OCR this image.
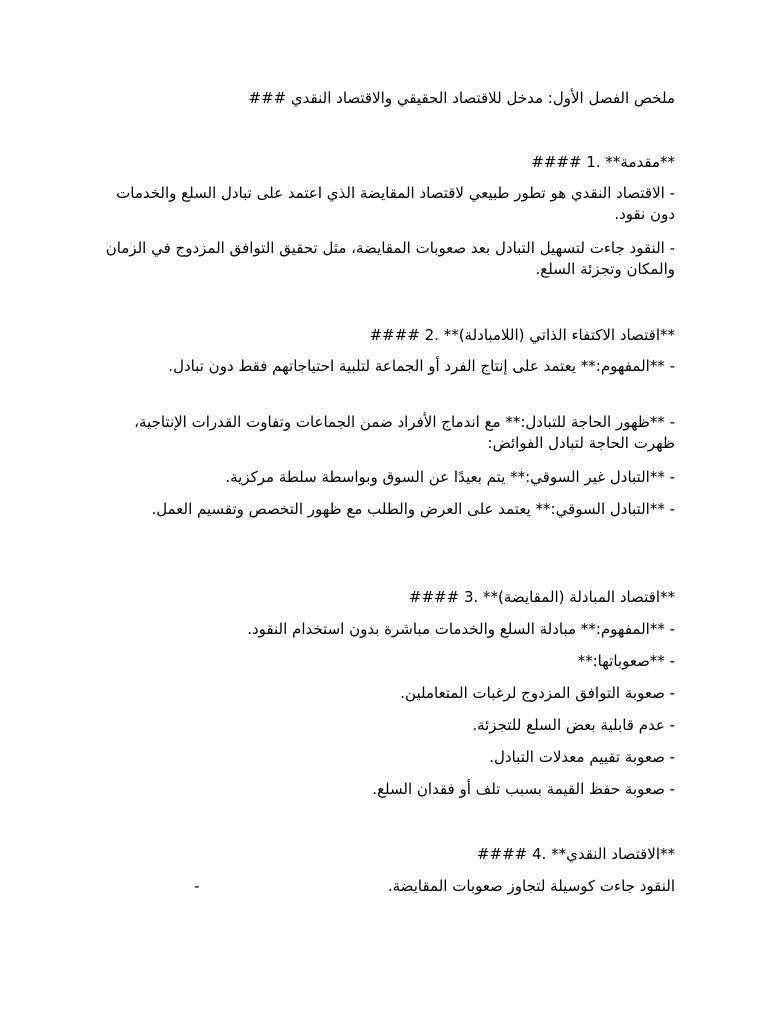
ملخص الفصل الأول: مدخل للاقتصاد الحقيقي والاقتصاد النقدي ###
**مقدمة** .1 ####
- الاقتصاد النقدي هو تطور طبيعي لاقتصاد المقايضة الذي اعتمد على تبادل السلع والخدمات دون نقود.
- النقود جاءت لتسهيل التبادل بعد صعوبات المقايضة، مثل تحقيق التوافق المزدوج في الزمان والمكان وتجزئة السلع.
**اقتصاد الاكتفاء الذاتي (اللامبادلة)** .2 ####
- **المفهوم:** يعتمد على إنتاج الفرد أو الجماعة لتلبية احتياجاتهم فقط دون تبادل.
- **ظهور الحاجة للتبادل:** مع اندماج الأفراد ضمن الجماعات وتفاوت القدرات الإنتاجية، ظهرت الحاجة لتبادل الفوائض:
- **التبادل غير السوقي:** يتم بعيدًا عن السوق وبواسطة سلطة مركزية.
- **التبادل السوقي:** يعتمد على العرض والطلب مع ظهور التخصص وتقسيم العمل.
**اقتصاد المبادلة (المقايضة)** .3 ####
- **المفهوم:** مبادلة السلع والخدمات مباشرة بدون استخدام النقود.
- **صعوباتها:**
- صعوبة التوافق المزدوج لرغبات المتعاملين.
- عدم قابلية بعض السلع للتجزئة.
- صعوبة تقييم معدلات التبادل.
- صعوبة حفظ القيمة بسبب تلف أو فقدان السلع.
**الاقتصاد النقدي** .4 ####
النقود جاءت كوسيلة لتجاوز صعوبات المقايضة.
-
